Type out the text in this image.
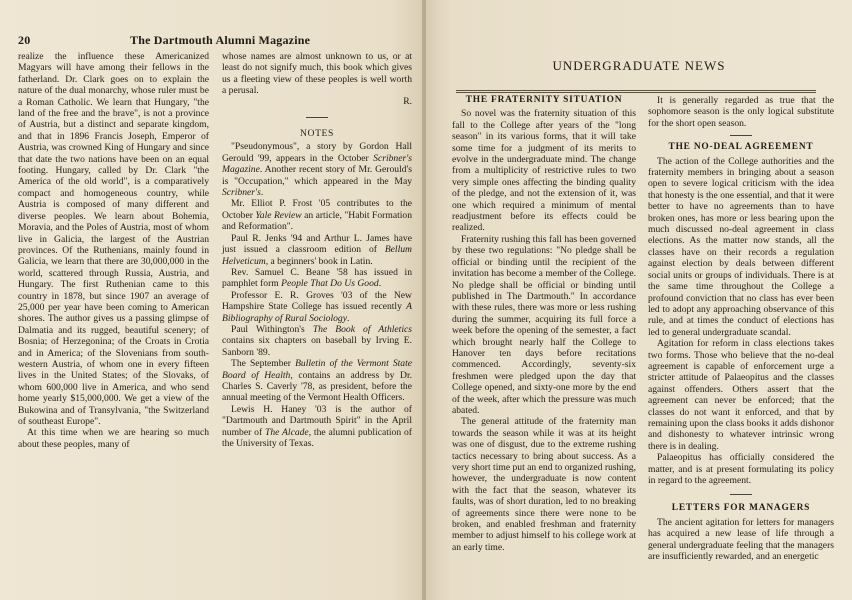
20	The Dartmouth Alumni Magazine

realize the influence these Americanized Magyars will have among their fellows in the fatherland. Dr. Clark goes on to explain the nature of the dual monarchy, whose ruler must be a Roman Catholic. We learn that Hungary, "the land of the free and the brave", is not a province of Austria, but a distinct and separate kingdom, and that in 1896 Francis Joseph, Emperor of Austria, was crowned King of Hungary and since that date the two nations have been on an equal footing. Hungary, called by Dr. Clark "the America of the old world", is a comparatively compact and homogeneous country, while Austria is composed of many different and diverse peoples. We learn about Bohemia, Moravia, and the Poles of Austria, most of whom live in Galicia, the largest of the Austrian provinces. Of the Ruthenians, mainly found in Galicia, we learn that there are 30,000,000 in the world, scattered through Russia, Austria, and Hungary. The first Ruthenian came to this country in 1878, but since 1907 an average of 25,000 per year have been coming to American shores. The author gives us a passing glimpse of Dalmatia and its rugged, beautiful scenery; of Bosnia; of Herzegonina; of the Croats in Crotia and in America; of the Slovenians from south-western Austria, of whom one in every fifteen lives in the United States; of the Slovaks, of whom 600,000 live in America, and who send home yearly $15,000,000. We get a view of the Bukowina and of Transylvania, "the Switzerland of southeast Europe".

At this time when we are hearing so much about these peoples, many of

whose names are almost unknown to us, or at least do not signify much, this book which gives us a fleeting view of these peoples is well worth a perusal.

R.

NOTES

"Pseudonymous", a story by Gordon Hall Gerould '99, appears in the October Scribner's Magazine. Another recent story of Mr. Gerould's is "Occupation," which appeared in the May Scribner's.

Mr. Elliot P. Frost '05 contributes to the October Yale Review an article, "Habit Formation and Reformation".

Paul R. Jenks '94 and Arthur L. James have just issued a classroom edition of Bellum Helveticum, a beginners' book in Latin.

Rev. Samuel C. Beane '58 has issued in pamphlet form People That Do Us Good.

Professor E. R. Groves '03 of the New Hampshire State College has issued recently A Bibliography of Rural Sociology.

Paul Withington's The Book of Athletics contains six chapters on baseball by Irving E. Sanborn '89.

The September Bulletin of the Vermont State Board of Health, contains an address by Dr. Charles S. Caverly '78, as president, before the annual meeting of the Vermont Health Officers.

Lewis H. Haney '03 is the author of "Dartmouth and Dartmouth Spirit" in the April number of The Alcade, the alumni publication of the University of Texas.

UNDERGRADUATE NEWS
THE FRATERNITY SITUATION

So novel was the fraternity situation of this fall to the College after years of the "long season" in its various forms, that it will take some time for a judgment of its merits to evolve in the undergraduate mind. The change from a multiplicity of restrictive rules to two very simple ones affecting the binding quality of the pledge, and not the extension of it, was one which required a minimum of mental readjustment before its effects could be realized.

Fraternity rushing this fall has been governed by these two regulations: "No pledge shall be official or binding until the recipient of the invitation has become a member of the College. No pledge shall be official or binding until published in The Dartmouth." In accordance with these rules, there was more or less rushing during the summer, acquiring its full force a week before the opening of the semester, a fact which brought nearly half the College to Hanover ten days before recitations commenced. Accordingly, seventy-six freshmen were pledged upon the day that College opened, and sixty-one more by the end of the week, after which the pressure was much abated.

The general attitude of the fraternity man towards the season while it was at its height was one of disgust, due to the extreme rushing tactics necessary to bring about success. As a very short time put an end to organized rushing, however, the undergraduate is now content with the fact that the season, whatever its faults, was of short duration, led to no breaking of agreements since there were none to be broken, and enabled freshman and fraternity member to adjust himself to his college work at an early time.

It is generally regarded as true that the sophomore season is the only logical substitute for the short open season.

THE NO-DEAL AGREEMENT

The action of the College authorities and the fraternity members in bringing about a season open to severe logical criticism with the idea that honesty is the one essential, and that it were better to have no agreements than to have broken ones, has more or less bearing upon the much discussed no-deal agreement in class elections. As the matter now stands, all the classes have on their records a regulation against election by deals between different social units or groups of individuals. There is at the same time throughout the College a profound conviction that no class has ever been led to adopt any approaching observance of this rule, and at times the conduct of elections has led to general undergraduate scandal.

Agitation for reform in class elections takes two forms. Those who believe that the no-deal agreement is capable of enforcement urge a stricter attitude of Palaeopitus and the classes against offenders. Others assert that the agreement can never be enforced; that the classes do not want it enforced, and that by remaining upon the class books it adds dishonor and dishonesty to whatever intrinsic wrong there is in dealing.

Palaeopitus has officially considered the matter, and is at present formulating its policy in regard to the agreement.

LETTERS FOR MANAGERS

The ancient agitation for letters for managers has acquired a new lease of life through a general undergraduate feeling that the managers are insufficiently rewarded, and an energetic
